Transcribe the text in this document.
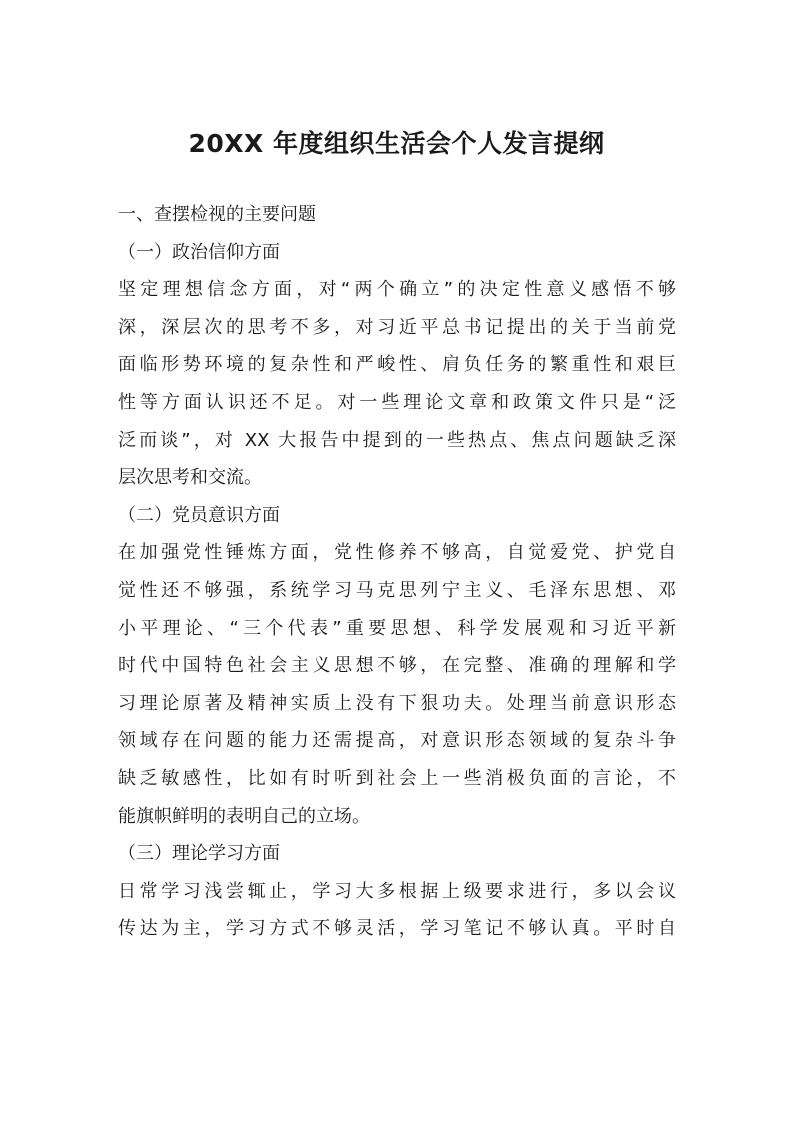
20XX 年度组织生活会个人发言提纲
一、查摆检视的主要问题
（一）政治信仰方面
坚定理想信念方面，对“两个确立”的决定性意义感悟不够
深，深层次的思考不多，对习近平总书记提出的关于当前党
面临形势环境的复杂性和严峻性、肩负任务的繁重性和艰巨
性等方面认识还不足。对一些理论文章和政策文件只是“泛
泛而谈”，对 XX 大报告中提到的一些热点、焦点问题缺乏深
层次思考和交流。
（二）党员意识方面
在加强党性锤炼方面，党性修养不够高，自觉爱党、护党自
觉性还不够强，系统学习马克思列宁主义、毛泽东思想、邓
小平理论、“三个代表”重要思想、科学发展观和习近平新
时代中国特色社会主义思想不够，在完整、准确的理解和学
习理论原著及精神实质上没有下狠功夫。处理当前意识形态
领域存在问题的能力还需提高，对意识形态领域的复杂斗争
缺乏敏感性，比如有时听到社会上一些消极负面的言论，不
能旗帜鲜明的表明自己的立场。
（三）理论学习方面
日常学习浅尝辄止，学习大多根据上级要求进行，多以会议
传达为主，学习方式不够灵活，学习笔记不够认真。平时自
